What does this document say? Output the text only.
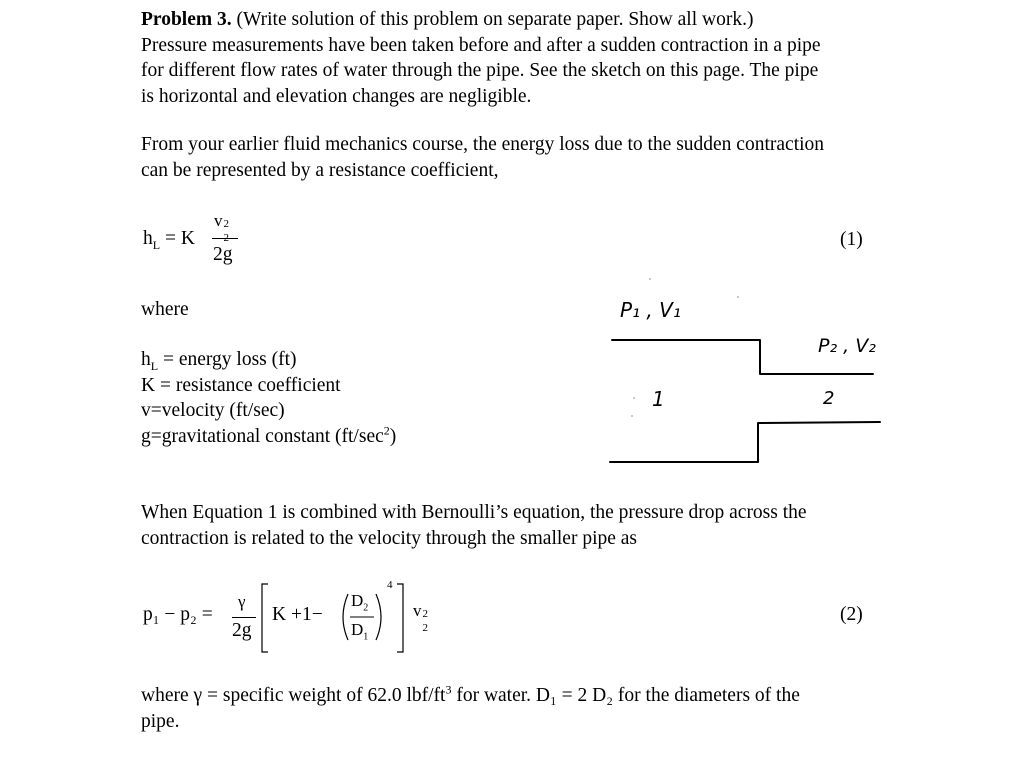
Problem 3. (Write solution of this problem on separate paper. Show all work.)
Pressure measurements have been taken before and after a sudden contraction in a pipe
for different flow rates of water through the pipe. See the sketch on this page. The pipe
is horizontal and elevation changes are negligible.
From your earlier fluid mechanics course, the energy loss due to the sudden contraction
can be represented by a resistance coefficient,
$h_L = K$
v 2
2g
(1)
where
$h_L$ = energy loss (ft)
K = resistance coefficient
v=velocity (ft/sec)
g=gravitational constant $(ft/\sec^2)$
P₁ , V₁
P₂ , V₂
1	2
When Equation 1 is combined with Bernoulli’s equation, the pressure drop across the
contraction is related to the velocity through the smaller pipe as
p₁ − p₂ =
γ
2g
K +1−
$D_2$
$D_1$
4
v 2
2
(2)
where γ = specific weight of 62.0 lbf/$ft^3$ for water. D₁ = 2 D₂ for the diameters of the
pipe.
